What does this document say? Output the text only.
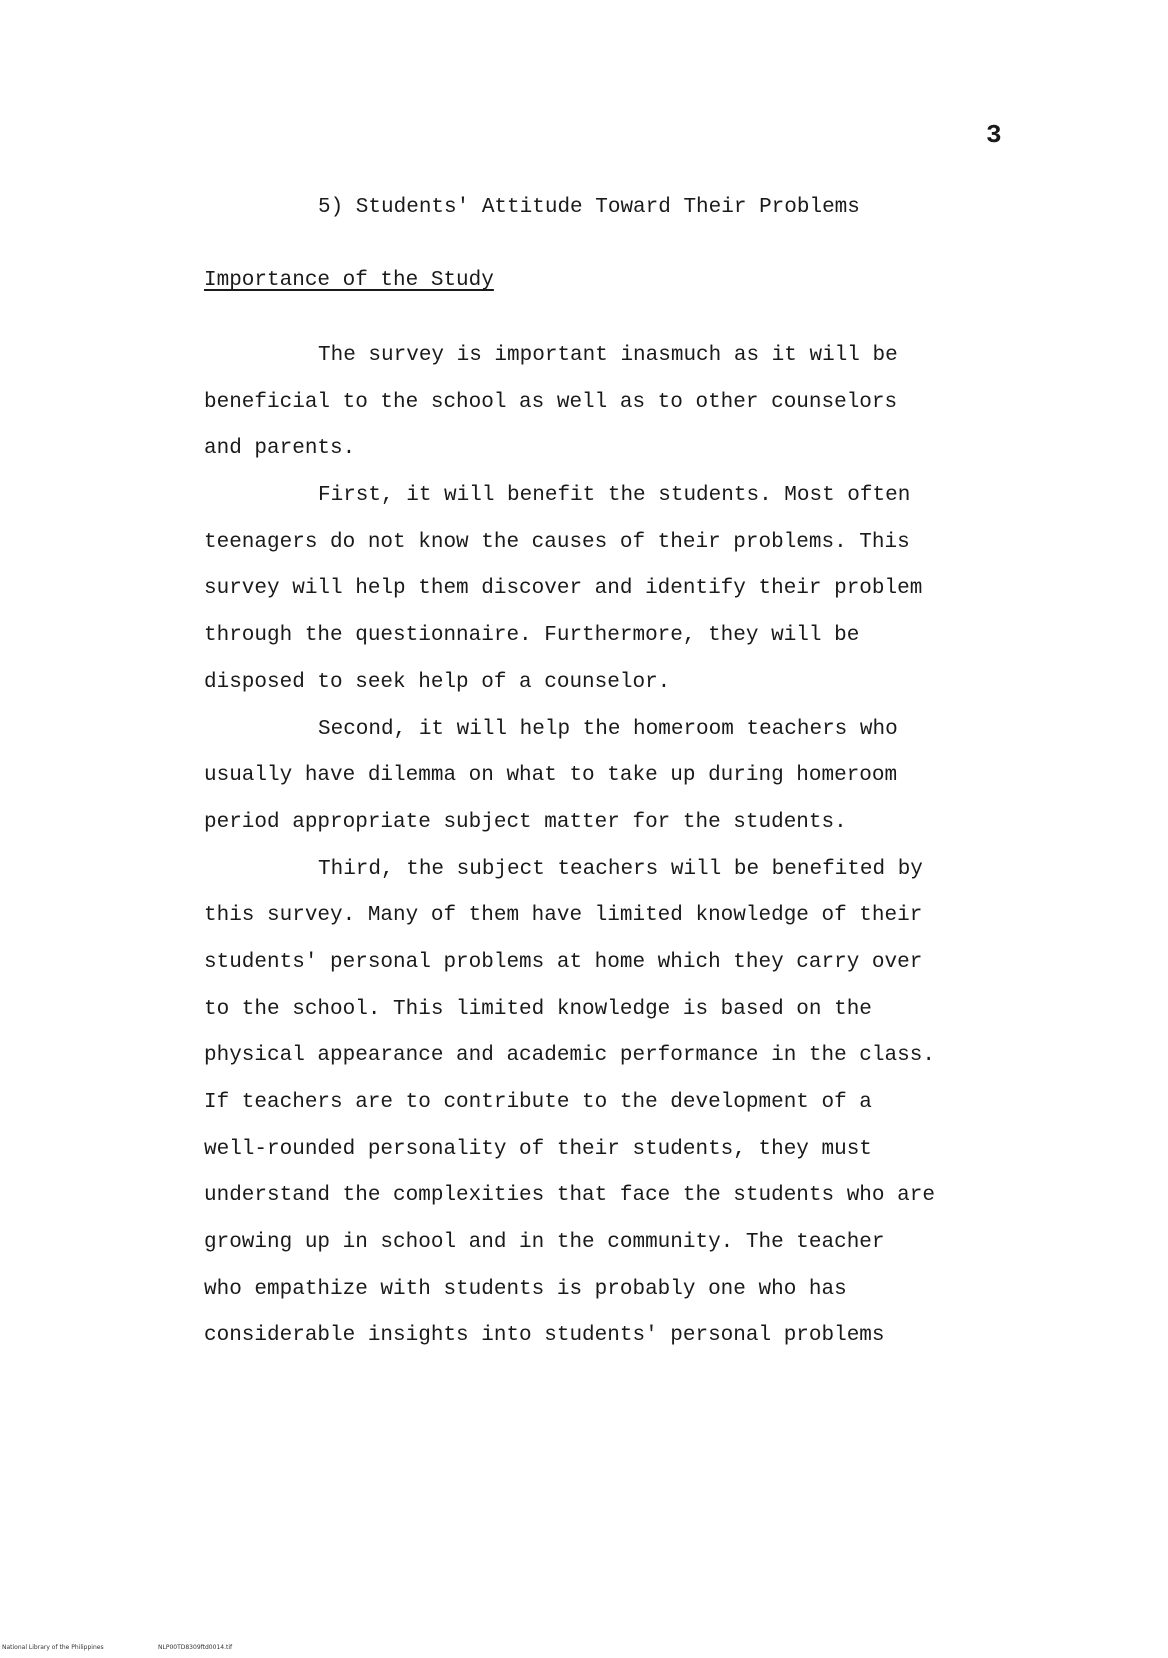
3
5) Students' Attitude Toward Their Problems
Importance of the Study
The survey is important inasmuch as it will be
beneficial to the school as well as to other counselors
and parents.
First, it will benefit the students. Most often
teenagers do not know the causes of their problems. This
survey will help them discover and identify their problem
through the questionnaire. Furthermore, they will be
disposed to seek help of a counselor.
Second, it will help the homeroom teachers who
usually have dilemma on what to take up during homeroom
period appropriate subject matter for the students.
Third, the subject teachers will be benefited by
this survey. Many of them have limited knowledge of their
students' personal problems at home which they carry over
to the school. This limited knowledge is based on the
physical appearance and academic performance in the class.
If teachers are to contribute to the development of a
well-rounded personality of their students, they must
understand the complexities that face the students who are
growing up in school and in the community. The teacher
who empathize with students is probably one who has
considerable insights into students' personal problems
National Library of the Philippines	NLP00TD8309ftd0014.tif
